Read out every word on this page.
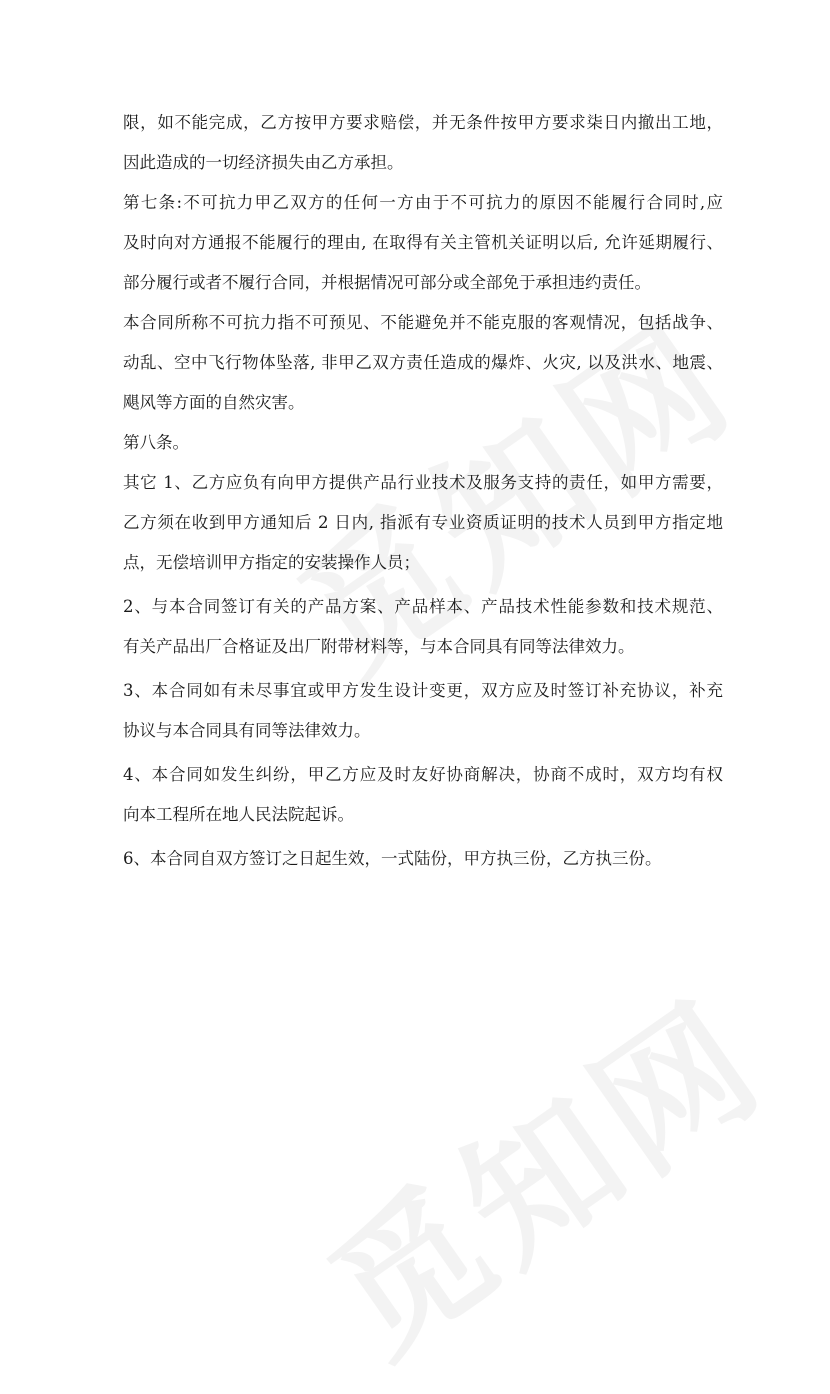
限，如不能完成，乙方按甲方要求赔偿，并无条件按甲方要求柒日内撤出工地，
因此造成的一切经济损失由乙方承担。
第七条:不可抗力甲乙双方的任何一方由于不可抗力的原因不能履行合同时,应
及时向对方通报不能履行的理由, 在取得有关主管机关证明以后, 允许延期履行、
部分履行或者不履行合同，并根据情况可部分或全部免于承担违约责任。
本合同所称不可抗力指不可预见、不能避免并不能克服的客观情况，包括战争、
动乱、空中飞行物体坠落, 非甲乙双方责任造成的爆炸、火灾, 以及洪水、地震、
飓风等方面的自然灾害。
第八条。
其它 1、乙方应负有向甲方提供产品行业技术及服务支持的责任，如甲方需要，
乙方须在收到甲方通知后 2 日内, 指派有专业资质证明的技术人员到甲方指定地
点，无偿培训甲方指定的安装操作人员；
2、与本合同签订有关的产品方案、产品样本、产品技术性能参数和技术规范、
有关产品出厂合格证及出厂附带材料等，与本合同具有同等法律效力。
3、本合同如有未尽事宜或甲方发生设计变更，双方应及时签订补充协议，补充
协议与本合同具有同等法律效力。
4、本合同如发生纠纷，甲乙方应及时友好协商解决，协商不成时，双方均有权
向本工程所在地人民法院起诉。
6、本合同自双方签订之日起生效，一式陆份，甲方执三份，乙方执三份。
